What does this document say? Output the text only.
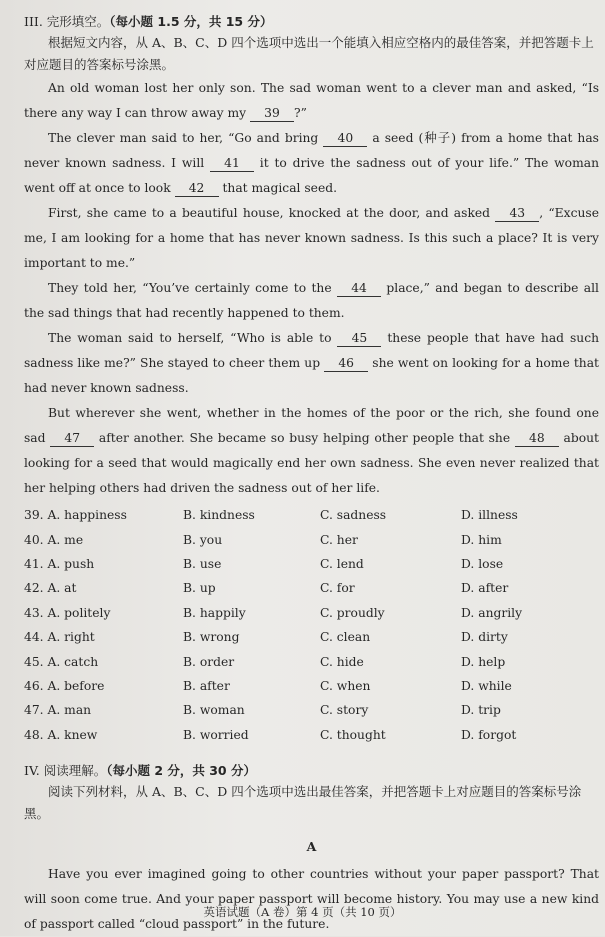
III. 完形填空。（每小题 1.5 分，共 15 分）

根据短文内容，从 A、B、C、D 四个选项中选出一个能填入相应空格内的最佳答案，并把答题卡上对应题目的答案标号涂黑。

An old woman lost her only son. The sad woman went to a clever man and asked, “Is there any way I can throw away my 39 ?”

The clever man said to her, “Go and bring 40 a seed (种子) from a home that has never known sadness. I will 41 it to drive the sadness out of your life.” The woman went off at once to look 42 that magical seed.

First, she came to a beautiful house, knocked at the door, and asked 43 , “Excuse me, I am looking for a home that has never known sadness. Is this such a place? It is very important to me.”

They told her, “You’ve certainly come to the 44 place,” and began to describe all the sad things that had recently happened to them.

The woman said to herself, “Who is able to 45 these people that have had such sadness like me?” She stayed to cheer them up 46 she went on looking for a home that had never known sadness.

But wherever she went, whether in the homes of the poor or the rich, she found one sad 47 after another. She became so busy helping other people that she 48 about looking for a seed that would magically end her own sadness. She even never realized that her helping others had driven the sadness out of her life.

39. A. happiness	B. kindness	C. sadness	D. illness
40. A. me	B. you	C. her	D. him
41. A. push	B. use	C. lend	D. lose
42. A. at	B. up	C. for	D. after
43. A. politely	B. happily	C. proudly	D. angrily
44. A. right	B. wrong	C. clean	D. dirty
45. A. catch	B. order	C. hide	D. help
46. A. before	B. after	C. when	D. while
47. A. man	B. woman	C. story	D. trip
48. A. knew	B. worried	C. thought	D. forgot
IV. 阅读理解。（每小题 2 分，共 30 分）

阅读下列材料，从 A、B、C、D 四个选项中选出最佳答案，并把答题卡上对应题目的答案标号涂黑。

A

Have you ever imagined going to other countries without your paper passport? That will soon come true. And your paper passport will become history. You may use a new kind of passport called “cloud passport” in the future.

英语试题（A 卷）第 4 页（共 10 页）
